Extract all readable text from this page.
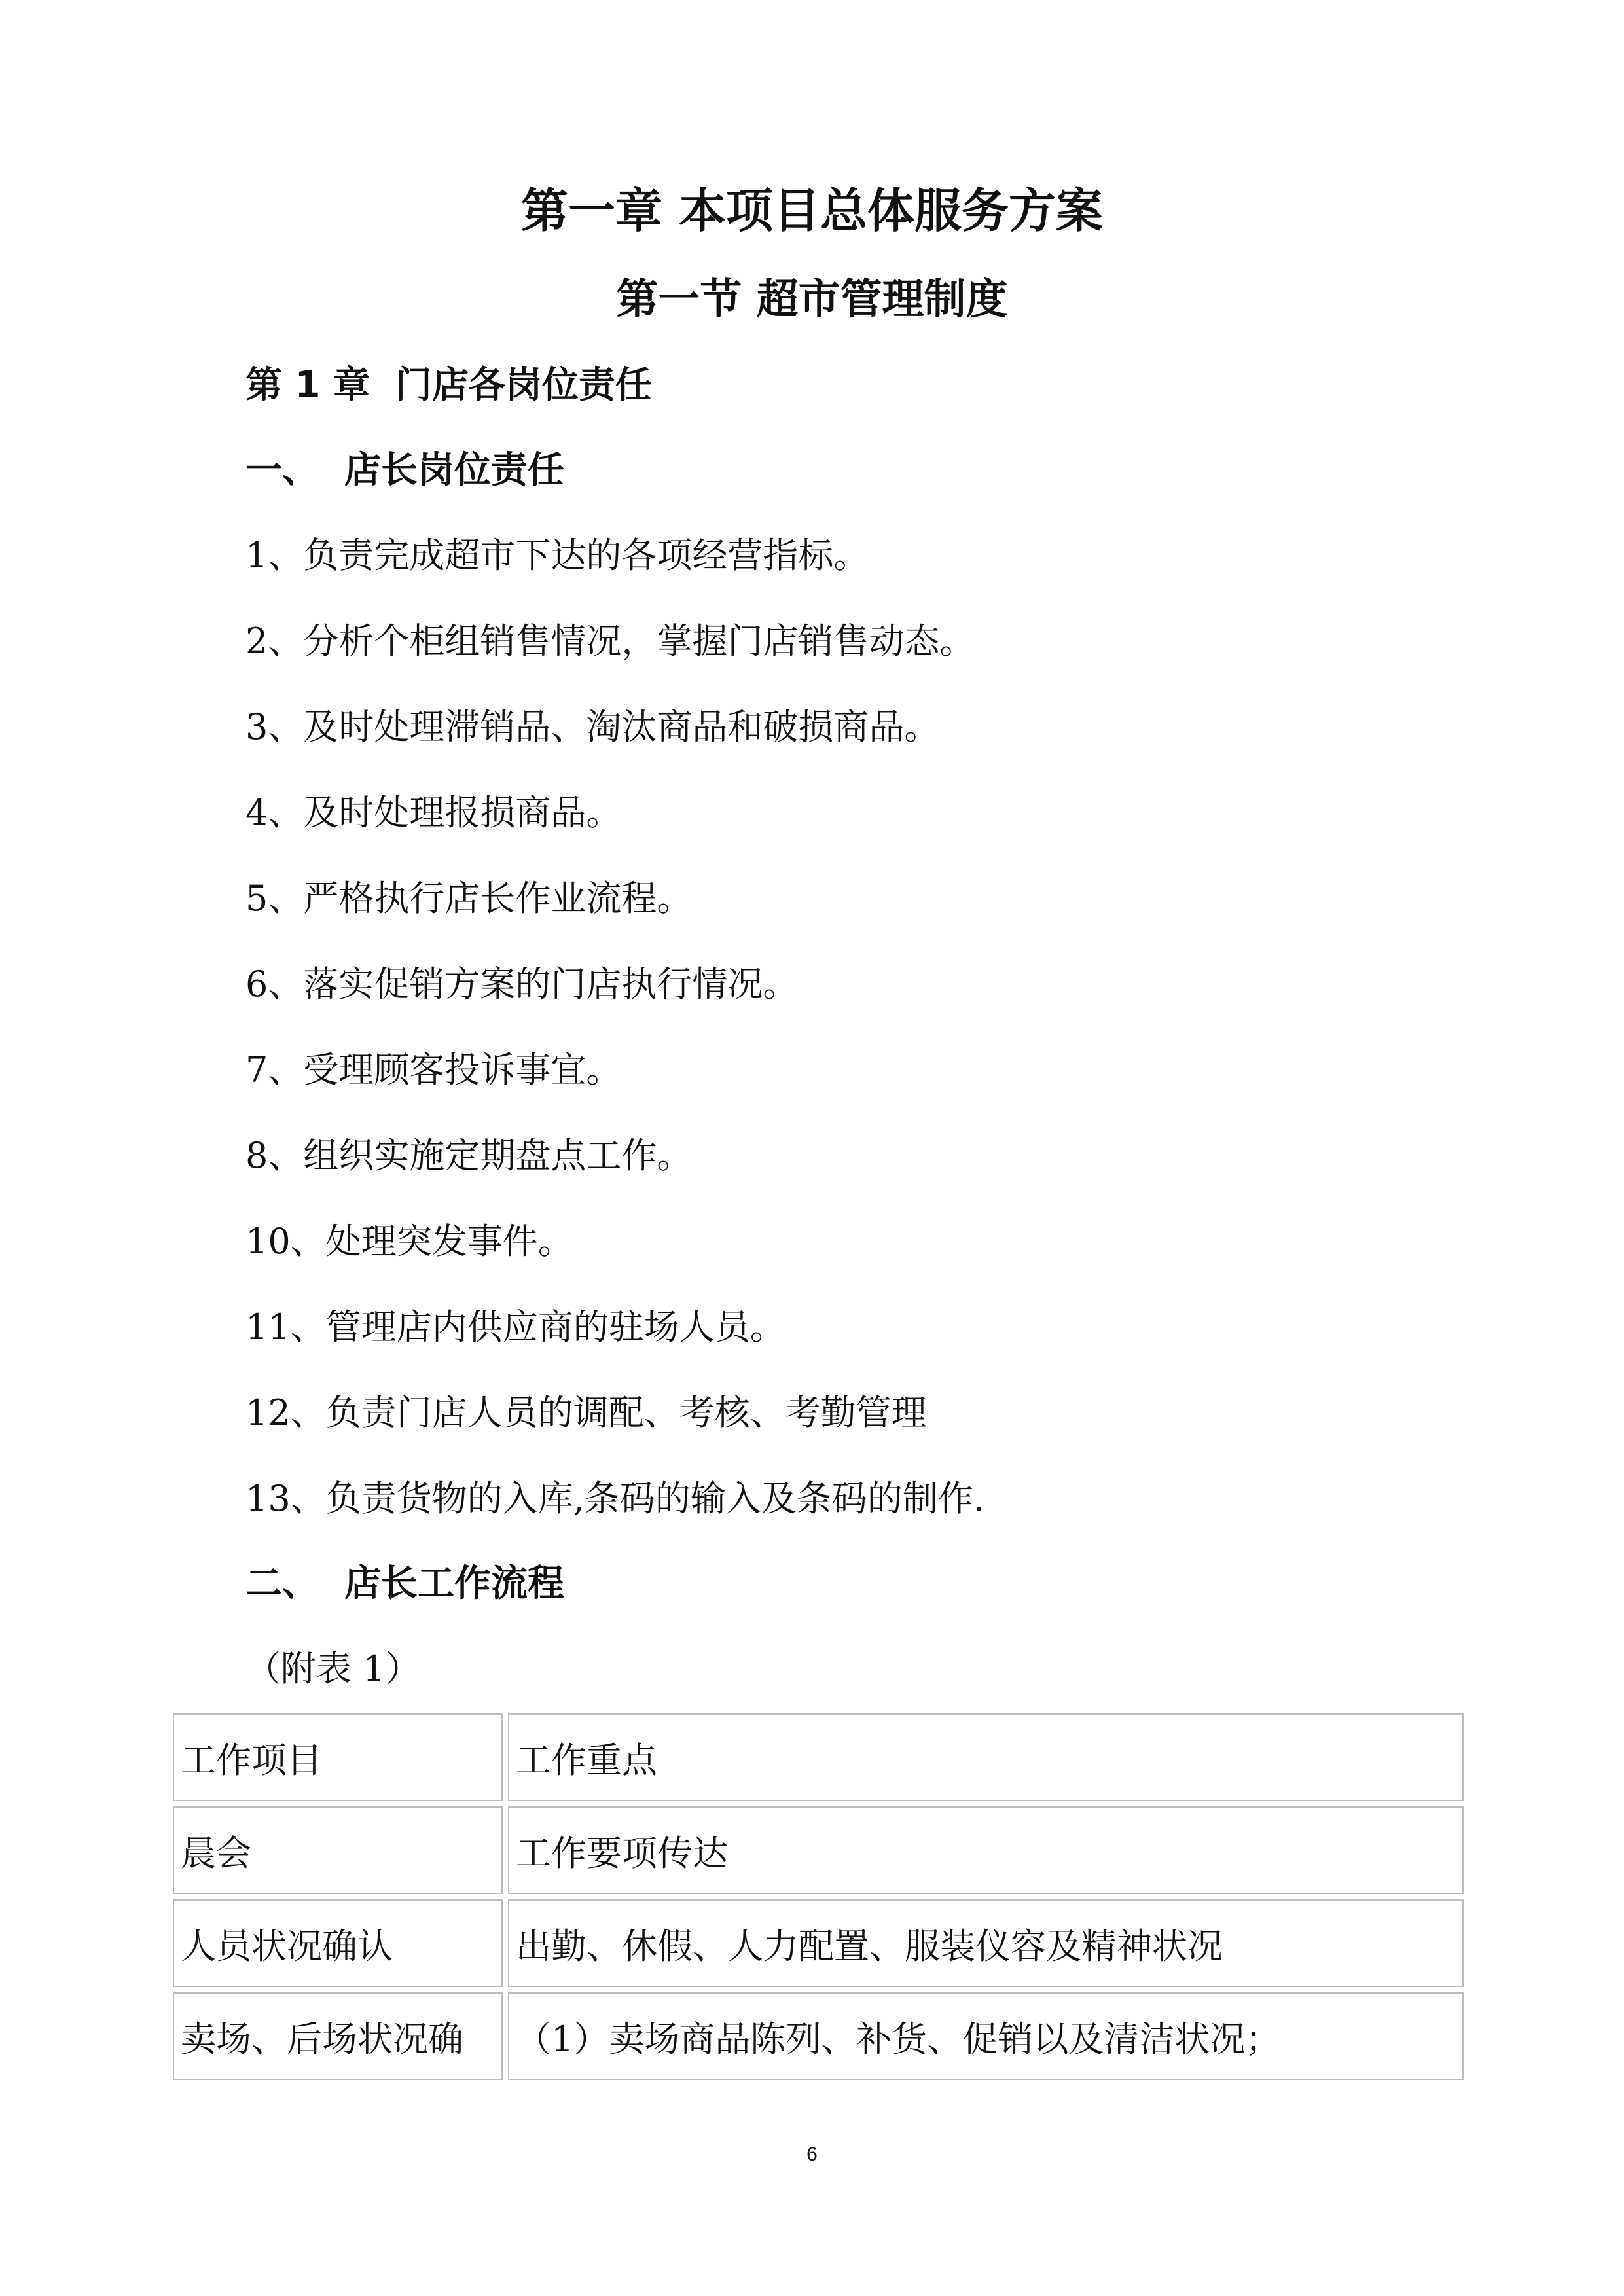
第一章 本项目总体服务方案
第一节 超市管理制度
第 1 章  门店各岗位责任
一、  店长岗位责任
1、负责完成超市下达的各项经营指标。
2、分析个柜组销售情况，掌握门店销售动态。
3、及时处理滞销品、淘汰商品和破损商品。
4、及时处理报损商品。
5、严格执行店长作业流程。
6、落实促销方案的门店执行情况。
7、受理顾客投诉事宜。
8、组织实施定期盘点工作。
10、处理突发事件。
11、管理店内供应商的驻场人员。
12、负责门店人员的调配、考核、考勤管理
13、负责货物的入库,条码的输入及条码的制作.
二、  店长工作流程
（附表 1）
工作项目	工作重点
晨会	工作要项传达
人员状况确认	出勤、休假、人力配置、服装仪容及精神状况
卖场、后场状况确	（1）卖场商品陈列、补货、促销以及清洁状况；
6
